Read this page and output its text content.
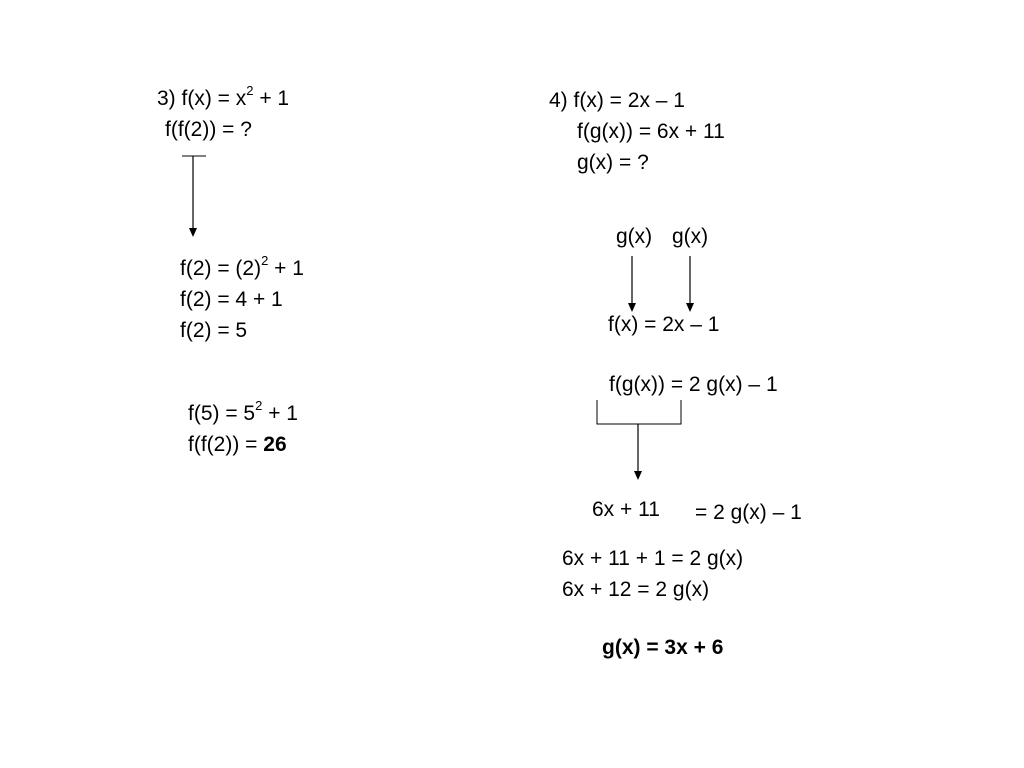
3) $f(x) = x^2 + 1$
f(f(2)) = ?
$f(2) = (2)^2 + 1$
f(2) = 4 + 1
f(2) = 5
$f(5) = 5^2 + 1$
f(f(2)) = 26
4) f(x) = 2x – 1
f(g(x)) = 6x + 11
g(x) = ?
g(x) g(x)
f(x) = 2x – 1
f(g(x)) = 2 g(x) – 1
6x + 11 = 2 g(x) – 1
6x + 11 + 1 = 2 g(x)
6x + 12 = 2 g(x)
g(x) = 3x + 6
